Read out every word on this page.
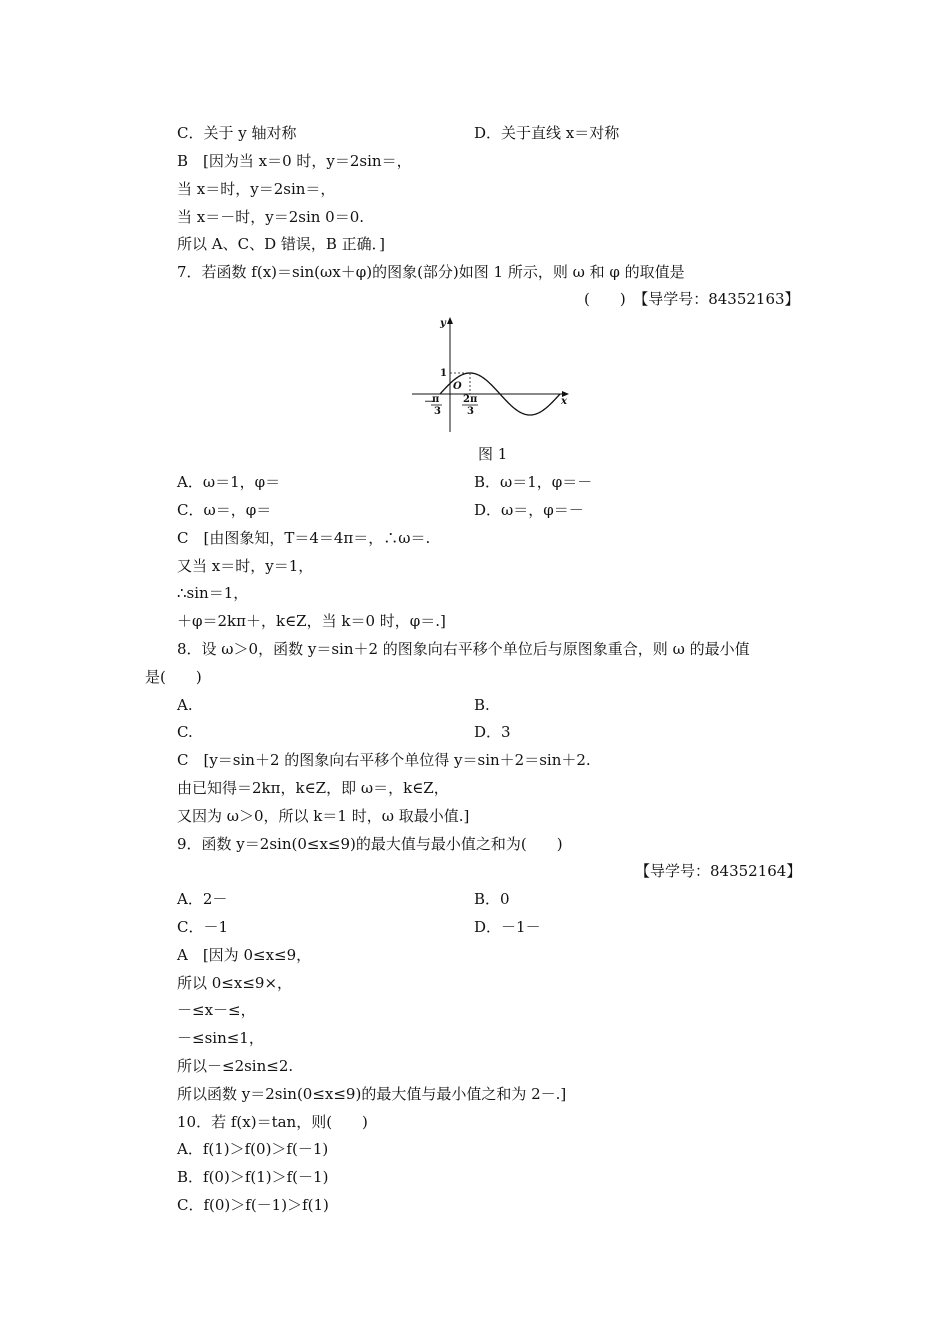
C．关于 y 轴对称	D．关于直线 x＝对称
B　[因为当 x＝0 时，y＝2sin＝，
当 x＝时，y＝2sin＝，
当 x＝－时，y＝2sin 0＝0.
所以 A、C、D 错误，B 正确．]
7．若函数 f(x)＝sin(ωx＋φ)的图象(部分)如图 1 所示，则 ω 和 φ 的取值是
(　　)　【导学号：84352163】
y
x
O
1
－
π
3
2π
3
图 1
A．ω＝1，φ＝	B．ω＝1，φ＝－
C．ω＝，φ＝	D．ω＝，φ＝－
C　[由图象知，T＝4＝4π＝，∴ω＝.
又当 x＝时，y＝1，
∴sin＝1，
＋φ＝2kπ＋，k∈Z，当 k＝0 时，φ＝.]
8．设 ω＞0，函数 y＝sin＋2 的图象向右平移个单位后与原图象重合，则 ω 的最小值
是(　　)
A.	B.
C.	D．3
C　[y＝sin＋2 的图象向右平移个单位得 y＝sin＋2＝sin＋2.
由已知得＝2kπ，k∈Z，即 ω＝，k∈Z，
又因为 ω＞0，所以 k＝1 时，ω 取最小值.]
9．函数 y＝2sin(0≤x≤9)的最大值与最小值之和为(　　)
【导学号：84352164】
A．2－	B．0
C．－1	D．－1－
A　[因为 0≤x≤9，
所以 0≤x≤9×，
－≤x－≤，
－≤sin≤1，
所以－≤2sin≤2.
所以函数 y＝2sin(0≤x≤9)的最大值与最小值之和为 2－.]
10．若 f(x)＝tan，则(　　)
A．f(1)＞f(0)＞f(－1)
B．f(0)＞f(1)＞f(－1)
C．f(0)＞f(－1)＞f(1)
